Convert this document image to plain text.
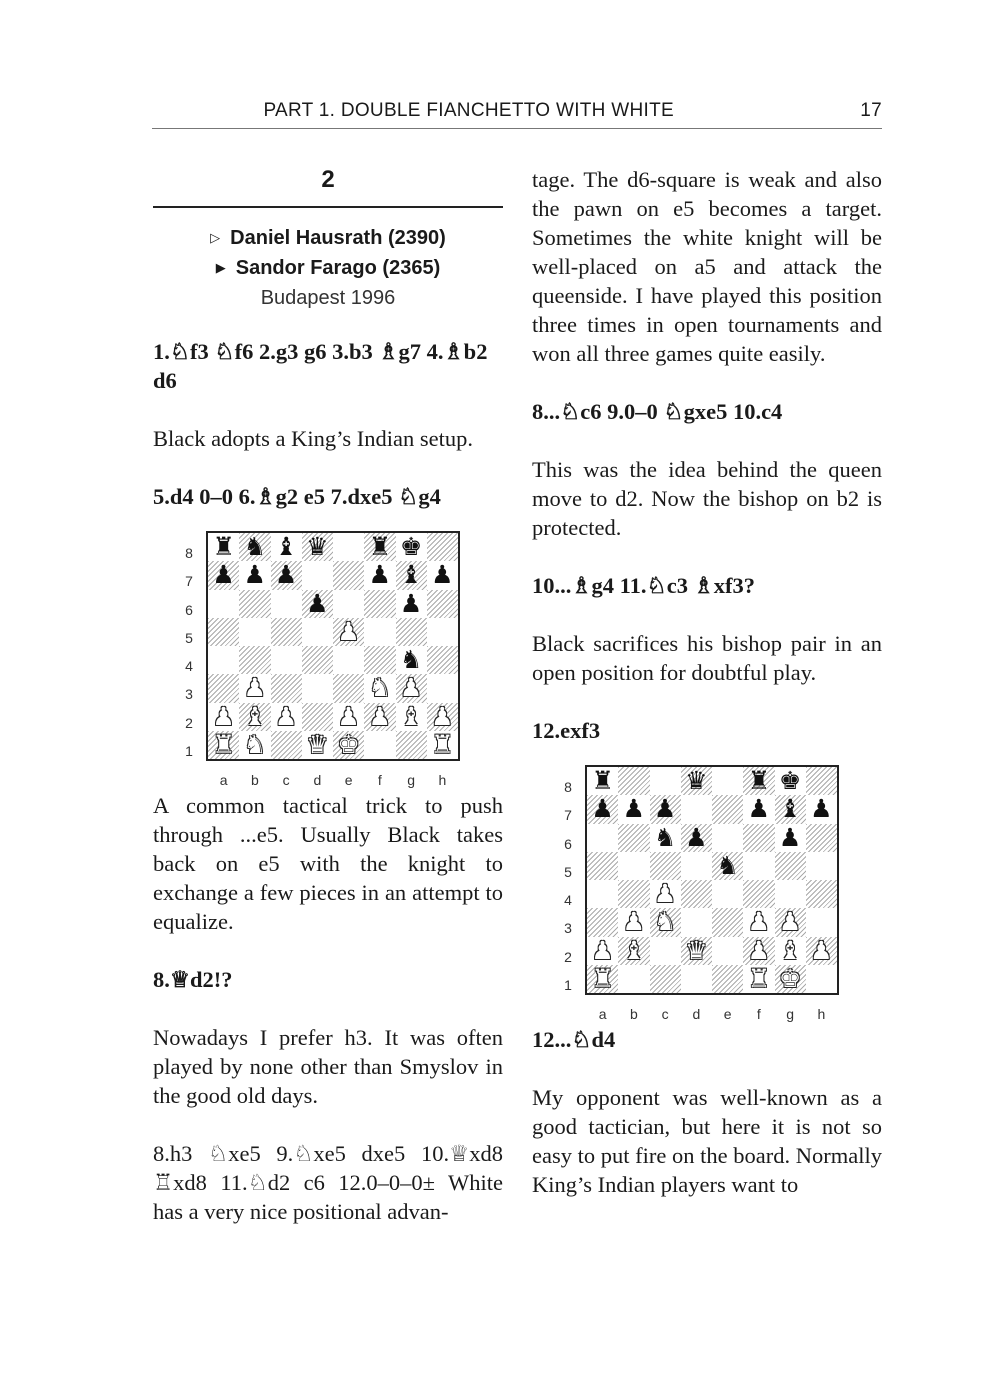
PART 1. DOUBLE FIANCHETTO WITH WHITE	17
2
▷ Daniel Hausrath (2390)
▶ Sandor Farago (2365)
Budapest 1996

1.♘f3 ♘f6 2.g3 g6 3.b3 ♗g7 4.♗b2 d6

Black adopts a King’s Indian setup.

5.d4 0–0 6.♗g2 e5 7.dxe5 ♘g4

♜ ♞ ♝ ♛ ♜ ♚
♟ ♟ ♟	♟ ♝ ♟
♟	♟
♟
♞
♟	♞ ♟
♟ ♝ ♟ ♟ ♟ ♝ ♟
♜ ♞ ♛ ♚	♜
8
7
6
5
4
3
2
1
a	b	c	d	e	f	g	h

A common tactical trick to push through ...e5. Usually Black takes back on e5 with the knight to exchange a few pieces in an attempt to equalize.

8.♕d2!?

Nowadays I prefer h3. It was often played by none other than Smyslov in the good old days.

8.h3 ♘xe5 9.♘xe5 dxe5 10.♕xd8 ♖xd8 11.♘d2 c6 12.0–0–0± White has a very nice positional advan-

tage. The d6-square is weak and also the pawn on e5 becomes a target. Sometimes the white knight will be well-placed on a5 and attack the queenside. I have played this position three times in open tournaments and won all three games quite easily.

8...♘c6 9.0–0 ♘gxe5 10.c4

This was the idea behind the queen move to d2. Now the bishop on b2 is protected.

10...♗g4 11.♘c3 ♗xf3?

Black sacrifices his bishop pair in an open position for doubtful play.

12.exf3

♜	♛ ♜ ♚
♟ ♟ ♟	♟ ♝ ♟
♞ ♟	♟
♞
♟
♟ ♞	♟ ♟
♟ ♝ ♛ ♟ ♝ ♟
♜	♜ ♚
8
7
6
5
4
3
2
1
a	b	c	d	e	f	g	h

12...♘d4

My opponent was well-known as a good tactician, but here it is not so easy to put fire on the board. Normally King’s Indian players want to
